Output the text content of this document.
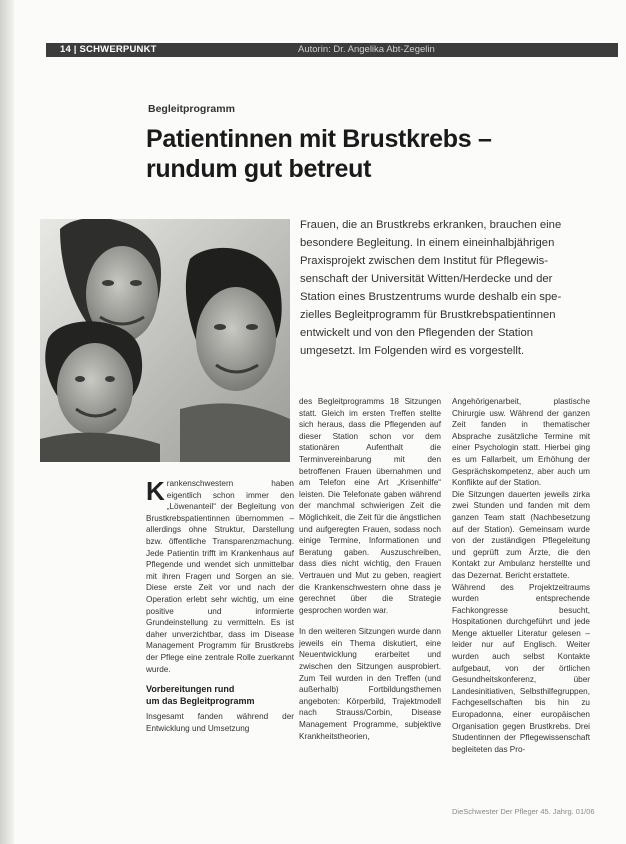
14 | SCHWERPUNKT	Autorin: Dr. Angelika Abt-Zegelin
Begleitprogramm
Patientinnen mit Brustkrebs –
rundum gut betreut
Frauen, die an Brustkrebs erkranken, brauchen eine
besondere Begleitung. In einem eineinhalbjährigen
Praxisprojekt zwischen dem Institut für Pflegewis-
senschaft der Universität Witten/Herdecke und der
Station eines Brustzentrums wurde deshalb ein spe-
zielles Begleitprogramm für Brustkrebspatientinnen
entwickelt und von den Pflegenden der Station
umgesetzt. Im Folgenden wird es vorgestellt.

Krankenschwestern haben eigentlich schon immer den „Löwenanteil“ der Begleitung von Brustkrebspatientinnen übernommen – allerdings ohne Struktur, Darstellung bzw. öffentliche Transparenzmachung. Jede Patientin trifft im Krankenhaus auf Pflegende und wendet sich unmittelbar mit ihren Fragen und Sorgen an sie. Diese erste Zeit vor und nach der Operation erlebt sehr wichtig, um eine positive und informierte Grundeinstellung zu vermitteln. Es ist daher unverzichtbar, dass im Disease Management Programm für Brustkrebs der Pflege eine zentrale Rolle zuerkannt wurde.

Vorbereitungen rund
um das Begleitprogramm

Insgesamt fanden während der Entwicklung und Umsetzung

des Begleitprogramms 18 Sitzungen statt. Gleich im ersten Treffen stellte sich heraus, dass die Pflegenden auf dieser Station schon vor dem stationären Aufenthalt die Terminvereinbarung mit den betroffenen Frauen übernahmen und am Telefon eine Art „Krisenhilfe“ leisten. Die Telefonate gaben während der manchmal schwierigen Zeit die Möglichkeit, die Zeit für die ängstlichen und aufgeregten Frauen, sodass noch einige Termine, Informationen und Beratung gaben. Auszuschreiben, dass dies nicht wichtig, den Frauen Vertrauen und Mut zu geben, reagiert die Krankenschwestern ohne dass je gerechnet über die Strategie gesprochen worden war.

In den weiteren Sitzungen wurde dann jeweils ein Thema diskutiert, eine Neuentwicklung erarbeitet und zwischen den Sitzungen ausprobiert. Zum Teil wurden in den Treffen (und außerhalb) Fortbildungsthemen angeboten: Körperbild, Trajektmodell nach Strauss/Corbin, Disease Management Programme, subjektive Krankheitstheorien,

Angehörigenarbeit, plastische Chirurgie usw. Während der ganzen Zeit fanden in thematischer Absprache zusätzliche Termine mit einer Psychologin statt. Hierbei ging es um Fallarbeit, um Erhöhung der Gesprächskompetenz, aber auch um Konflikte auf der Station.

Die Sitzungen dauerten jeweils zirka zwei Stunden und fanden mit dem ganzen Team statt (Nachbesetzung auf der Station). Gemeinsam wurde von der zuständigen Pflegeleitung und geprüft zum Ärzte, die den Kontakt zur Ambulanz herstellte und das Dezernat. Bericht erstattete.

Während des Projektzeitraums wurden entsprechende Fachkongresse besucht, Hospitationen durchgeführt und jede Menge aktueller Literatur gelesen – leider nur auf Englisch. Weiter wurden auch selbst Kontakte aufgebaut, von der örtlichen Gesundheitskonferenz, über Landesinitiativen, Selbsthilfegruppen, Fachgesellschaften bis hin zu Europadonna, einer europäischen Organisation gegen Brustkrebs. Drei Studentinnen der Pflegewissenschaft begleiteten das Pro-

DieSchwester Der Pfleger 45. Jahrg. 01/06
